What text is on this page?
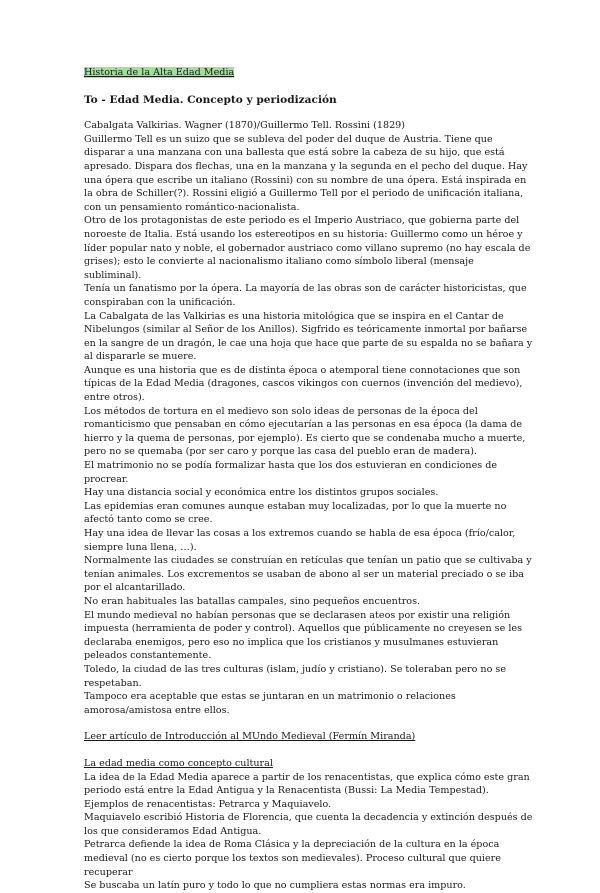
Historia de la Alta Edad Media

To - Edad Media. Concepto y periodización

Cabalgata Valkirias. Wagner (1870)/Guillermo Tell. Rossini (1829)

Guillermo Tell es un suizo que se subleva del poder del duque de Austria. Tiene que disparar a una manzana con una ballesta que está sobre la cabeza de su hijo, que está apresado. Dispara dos flechas, una en la manzana y la segunda en el pecho del duque. Hay una ópera que escribe un italiano (Rossini) con su nombre de una ópera. Está inspirada en la obra de Schiller(?). Rossini eligió a Guillermo Tell por el periodo de unificación italiana, con un pensamiento romántico-nacionalista.

Otro de los protagonistas de este periodo es el Imperio Austriaco, que gobierna parte del noroeste de Italia. Está usando los estereotipos en su historia: Guillermo como un héroe y líder popular nato y noble, el gobernador austriaco como villano supremo (no hay escala de grises); esto le convierte al nacionalismo italiano como símbolo liberal (mensaje subliminal).

Tenía un fanatismo por la ópera. La mayoría de las obras son de carácter historicistas, que conspiraban con la unificación.

La Cabalgata de las Valkirias es una historia mitológica que se inspira en el Cantar de Nibelungos (similar al Señor de los Anillos). Sigfrido es teóricamente inmortal por bañarse en la sangre de un dragón, le cae una hoja que hace que parte de su espalda no se bañara y al dispararle se muere.

Aunque es una historia que es de distinta época o atemporal tiene connotaciones que son típicas de la Edad Media (dragones, cascos vikingos con cuernos (invención del medievo), entre otros).

Los métodos de tortura en el medievo son solo ideas de personas de la época del romanticismo que pensaban en cómo ejecutarían a las personas en esa época (la dama de hierro y la quema de personas, por ejemplo). Es cierto que se condenaba mucho a muerte, pero no se quemaba (por ser caro y porque las casa del pueblo eran de madera).

El matrimonio no se podía formalizar hasta que los dos estuvieran en condiciones de procrear.

Hay una distancia social y económica entre los distintos grupos sociales.

Las epidemias eran comunes aunque estaban muy localizadas, por lo que la muerte no afectó tanto como se cree.

Hay una idea de llevar las cosas a los extremos cuando se habla de esa época (frío/calor, siempre luna llena, …).

Normalmente las ciudades se construían en retículas que tenían un patio que se cultivaba y tenían animales. Los excrementos se usaban de abono al ser un material preciado o se iba por el alcantarillado.

No eran habituales las batallas campales, sino pequeños encuentros.

El mundo medieval no habían personas que se declarasen ateos por existir una religión impuesta (herramienta de poder y control). Aquellos que públicamente no creyesen se les declaraba enemigos, pero eso no implica que los cristianos y musulmanes estuvieran peleados constantemente.

Toledo, la ciudad de las tres culturas (islam, judío y cristiano). Se toleraban pero no se respetaban.

Tampoco era aceptable que estas se juntaran en un matrimonio o relaciones amorosa/amistosa entre ellos.

Leer artículo de Introducción al MUndo Medieval (Fermín Miranda)

La edad media como concepto cultural

La idea de la Edad Media aparece a partir de los renacentistas, que explica cómo este gran periodo está entre la Edad Antigua y la Renacentista (Bussi: La Media Tempestad). Ejemplos de renacentistas: Petrarca y Maquiavelo.

Maquiavelo escribió Historia de Florencia, que cuenta la decadencia y extinción después de los que consideramos Edad Antigua.

Petrarca defiende la idea de Roma Clásica y la depreciación de la cultura en la época medieval (no es cierto porque los textos son medievales). Proceso cultural que quiere recuperar

Se buscaba un latín puro y todo lo que no cumpliera estas normas era impuro.
